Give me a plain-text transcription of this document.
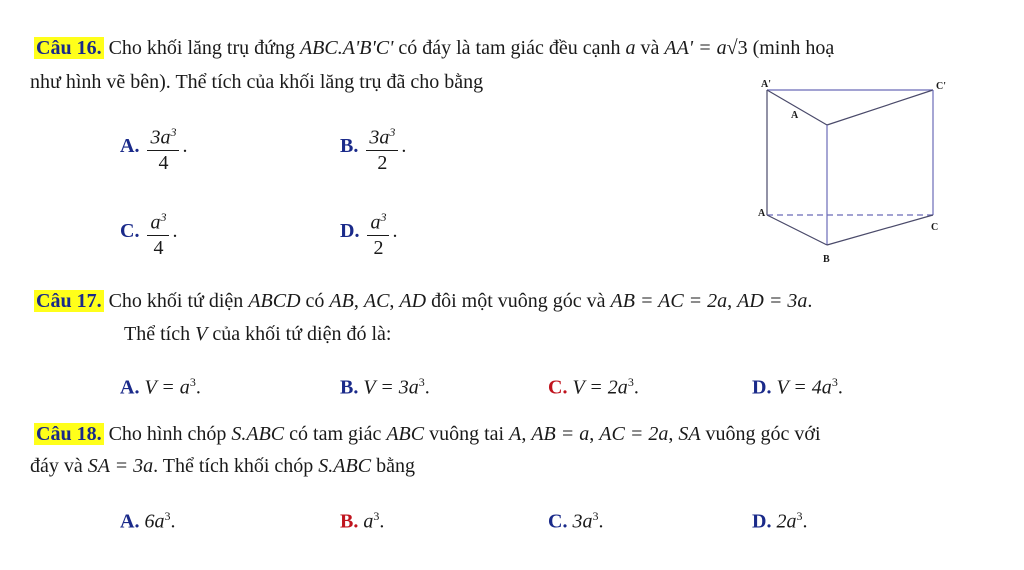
Câu 16. Cho khối lăng trụ đứng ABC.A'B'C' có đáy là tam giác đều cạnh a và AA' = a√3 (minh hoạ
như hình vẽ bên). Thể tích của khối lăng trụ đã cho bằng
A. $\frac{3a^3}{4}$ .	B. $\frac{3a^3}{2}$ .
C. $\frac{a^3}{4}$ .	D. $\frac{a^3}{2}$ .
A'	C'
A
A
C
B
Câu 17. Cho khối tứ diện ABCD có AB, AC, AD đôi một vuông góc và AB = AC = 2a, AD = 3a.
Thể tích V của khối tứ diện đó là:
A. $V = a^3$.	B. $V = 3a^3$.	C. $V = 2a^3$.	D. $V = 4a^3$.
Câu 18. Cho hình chóp S.ABC có tam giác ABC vuông tai A, AB = a, AC = 2a, SA vuông góc với
đáy và SA = 3a. Thể tích khối chóp S.ABC bằng
A. $6a^3$.	B. $a^3$.	C. $3a^3$.	D. $2a^3$.
